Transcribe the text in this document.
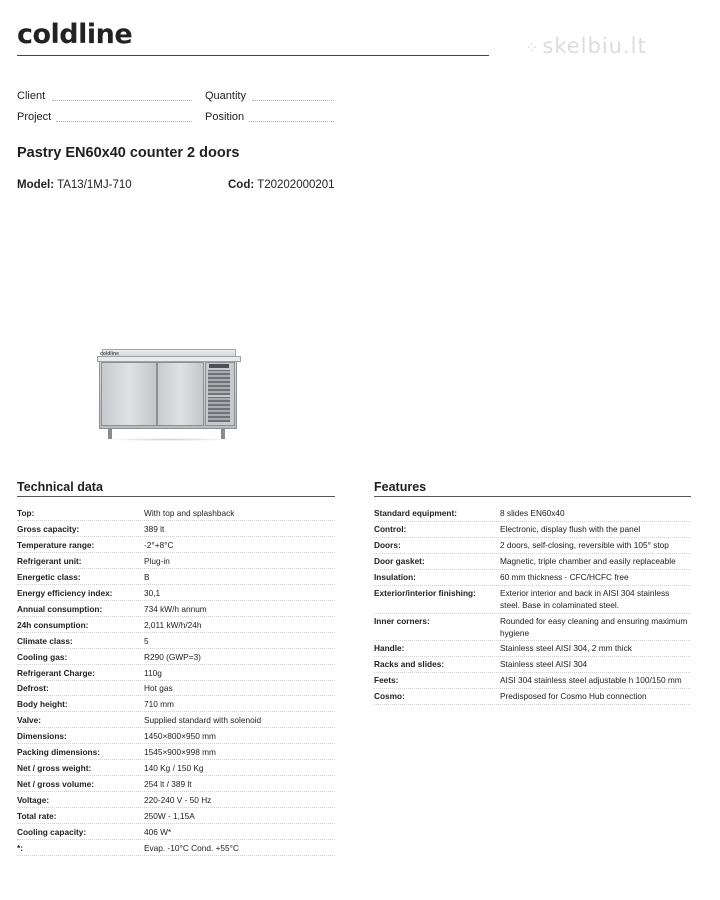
coldline	⁘ skelbiu.lt
Client	Quantity
Project	Position
Pastry EN60x40 counter 2 doors
Model: TA13/1MJ-710	Cod: T20202000201
coldline
Technical data
Top:	With top and splashback
Gross capacity:	389 lt
Temperature range:	-2°+8°C
Refrigerant unit:	Plug-in
Energetic class:	B
Energy efficiency index:	30,1
Annual consumption:	734 kW/h annum
24h consumption:	2,011 kW/h/24h
Climate class:	5
Cooling gas:	R290 (GWP=3)
Refrigerant Charge:	110g
Defrost:	Hot gas
Body height:	710 mm
Valve:	Supplied standard with solenoid
Dimensions:	1450×800×950 mm
Packing dimensions:	1545×900×998 mm
Net / gross weight:	140 Kg / 150 Kg
Net / gross volume:	254 lt / 389 lt
Voltage:	220-240 V - 50 Hz
Total rate:	250W - 1,15A
Cooling capacity:	406 W*
*:	Evap. -10°C Cond. +55°C
Features
Standard equipment:	8 slides EN60x40
Control:	Electronic, display flush with the panel
Doors:	2 doors, self-closing, reversible with 105° stop
Door gasket:	Magnetic, triple chamber and easily replaceable
Insulation:	60 mm thickness - CFC/HCFC free
Exterior/interior finishing:	Exterior interior and back in AISI 304 stainless
steel. Base in colaminated steel.
Inner corners:	Rounded for easy cleaning and ensuring maximum
hygiene
Handle:	Stainless steel AISI 304, 2 mm thick
Racks and slides:	Stainless steel AISI 304
Feets:	AISI 304 stainless steel adjustable h 100/150 mm
Cosmo:	Predisposed for Cosmo Hub connection
